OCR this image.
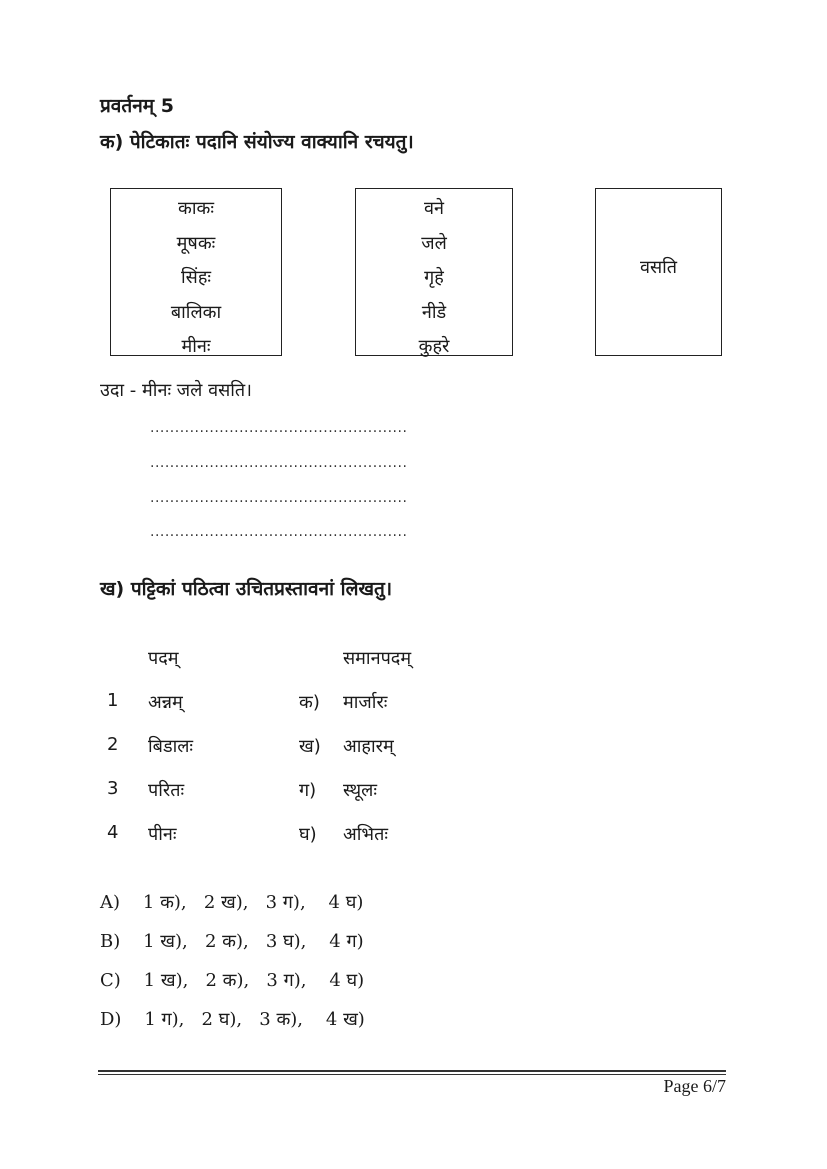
प्रवर्तनम् 5
क) पेटिकातः पदानि संयोज्य वाक्यानि रचयतु।
काकः
मूषकः
सिंहः
बालिका
मीनः
वने
जले
गृहे
नीडे
कुहरे
वसति
उदा - मीनः जले वसति।
....................................................
....................................................
....................................................
....................................................
ख) पट्टिकां पठित्वा उचितप्रस्तावनां लिखतु।
पदम्	समानपदम्
1 अन्नम्	क) मार्जारः
2 बिडालः	ख) आहारम्
3 परितः	ग) स्थूलः
4 पीनः	घ) अभितः
A)    1 क),   2 ख),   3 ग),    4 घ)
B)    1 ख),   2 क),   3 घ),    4 ग)
C)    1 ख),   2 क),   3 ग),    4 घ)
D)    1 ग),   2 घ),   3 क),    4 ख)
Page 6/7
